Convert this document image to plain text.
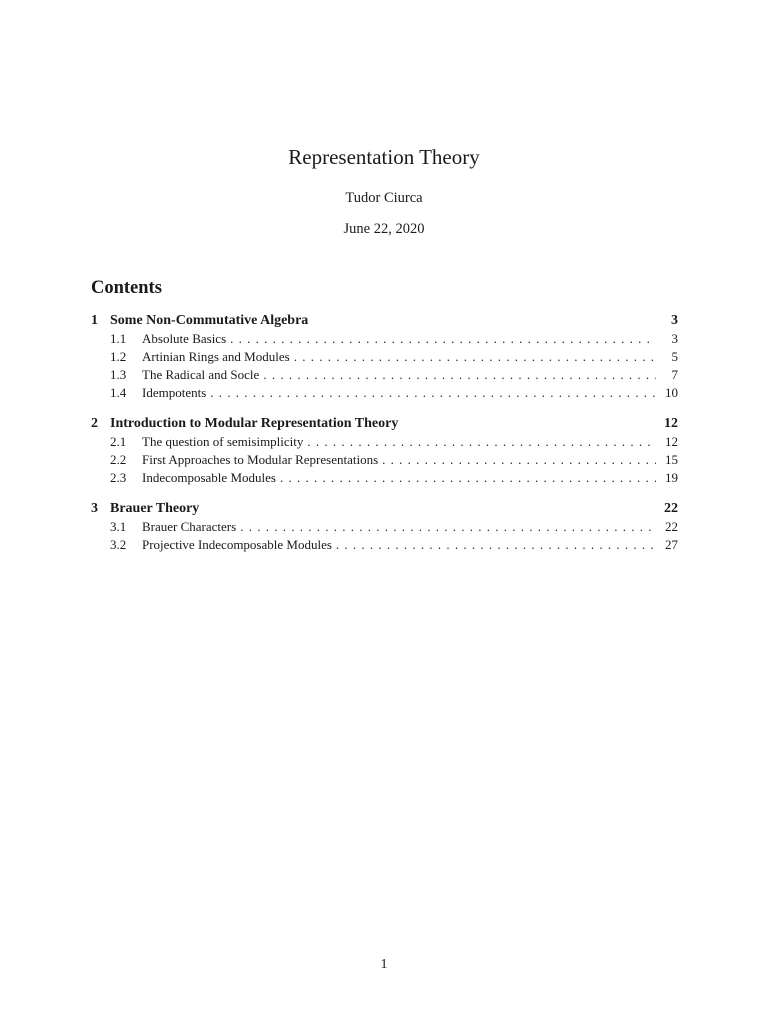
Representation Theory
Tudor Ciurca
June 22, 2020
Contents
1 Some Non-Commutative Algebra	3
1.1	Absolute Basics . . .	3
1.2	Artinian Rings and Modules . . .	5
1.3	The Radical and Socle . . .	7
1.4	Idempotents . . .	10
2 Introduction to Modular Representation Theory	12
2.1	The question of semisimplicity . . .	12
2.2	First Approaches to Modular Representations . . .	15
2.3	Indecomposable Modules . . .	19
3 Brauer Theory	22
3.1	Brauer Characters . . .	22
3.2	Projective Indecomposable Modules . . .	27
1
